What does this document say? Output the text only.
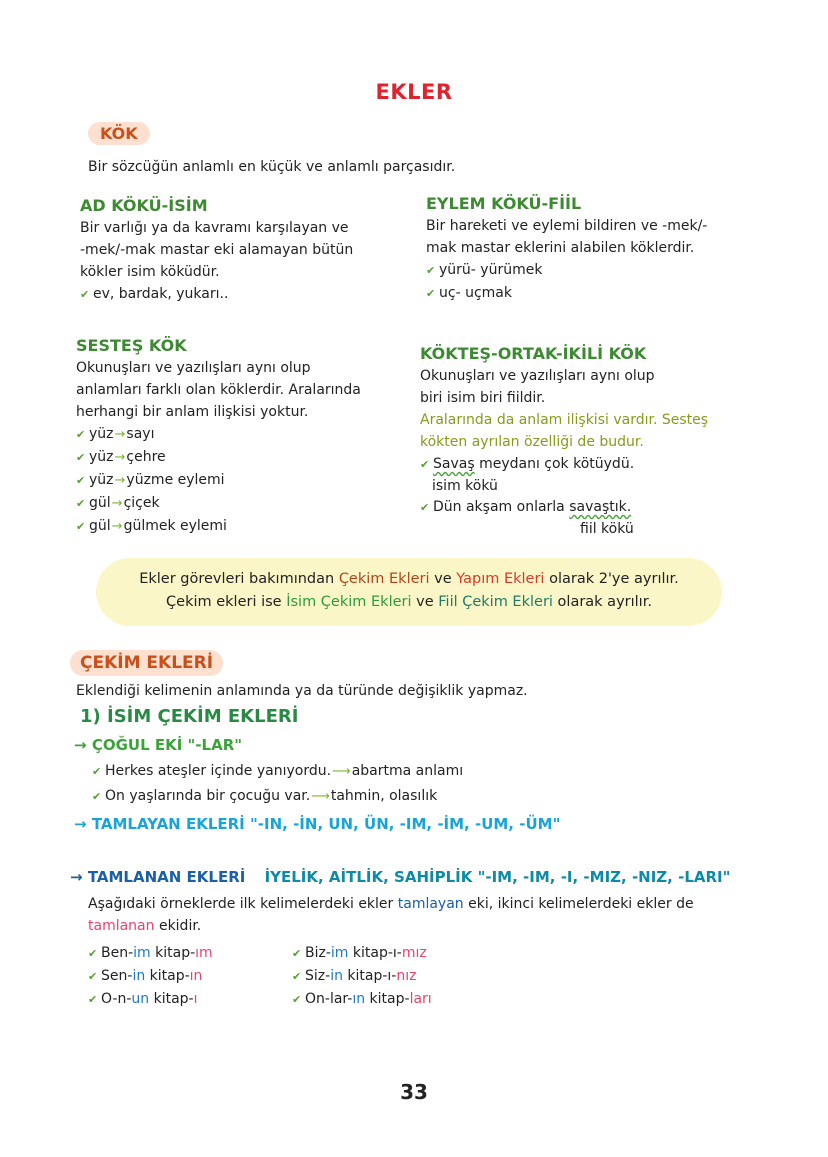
EKLER
KÖK
Bir sözcüğün anlamlı en küçük ve anlamlı parçasıdır.
AD KÖKÜ-İSİM
Bir varlığı ya da kavramı karşılayan ve
-mek/-mak mastar eki alamayan bütün
kökler isim köküdür.
✔ ev, bardak, yukarı..
EYLEM KÖKÜ-FİİL
Bir hareketi ve eylemi bildiren ve -mek/-
mak mastar eklerini alabilen köklerdir.
✔ yürü- yürümek
✔ uç- uçmak
SESTEŞ KÖK
Okunuşları ve yazılışları aynı olup
anlamları farklı olan köklerdir. Aralarında
herhangi bir anlam ilişkisi yoktur.
✔ yüz → sayı
✔ yüz → çehre
✔ yüz → yüzme eylemi
✔ gül → çiçek
✔ gül → gülmek eylemi
KÖKTEŞ-ORTAK-İKİLİ KÖK
Okunuşları ve yazılışları aynı olup
biri isim biri fiildir.
Aralarında da anlam ilişkisi vardır. Sesteş
kökten ayrılan özelliği de budur.
✔ Savaş meydanı çok kötüydü.
isim kökü
✔ Dün akşam onlarla savaştık.
fiil kökü
Ekler görevleri bakımından Çekim Ekleri ve Yapım Ekleri olarak 2'ye ayrılır.
Çekim ekleri ise İsim Çekim Ekleri ve Fiil Çekim Ekleri olarak ayrılır.
ÇEKİM EKLERİ
Eklendiği kelimenin anlamında ya da türünde değişiklik yapmaz.
1) İSİM ÇEKİM EKLERİ
→ ÇOĞUL EKİ "-LAR"
✔ Herkes ateşler içinde yanıyordu. ⟶ abartma anlamı
✔ On yaşlarında bir çocuğu var. ⟶ tahmin, olasılık
→ TAMLAYAN EKLERİ "-IN, -İN, UN, ÜN, -IM, -İM, -UM, -ÜM"
→ TAMLANAN EKLERİ İYELİK, AİTLİK, SAHİPLİK "-IM, -IM, -I, -MIZ, -NIZ, -LARI"
Aşağıdaki örneklerde ilk kelimelerdeki ekler tamlayan eki, ikinci kelimelerdeki ekler de
tamlanan ekidir.
✔ Ben- im kitap- ım
✔ Sen- in kitap- ın
✔ O-n- un kitap- ı
✔ Biz- im kitap-ı- mız
✔ Siz- in kitap-ı- nız
✔ On-lar- ın kitap- ları
33
